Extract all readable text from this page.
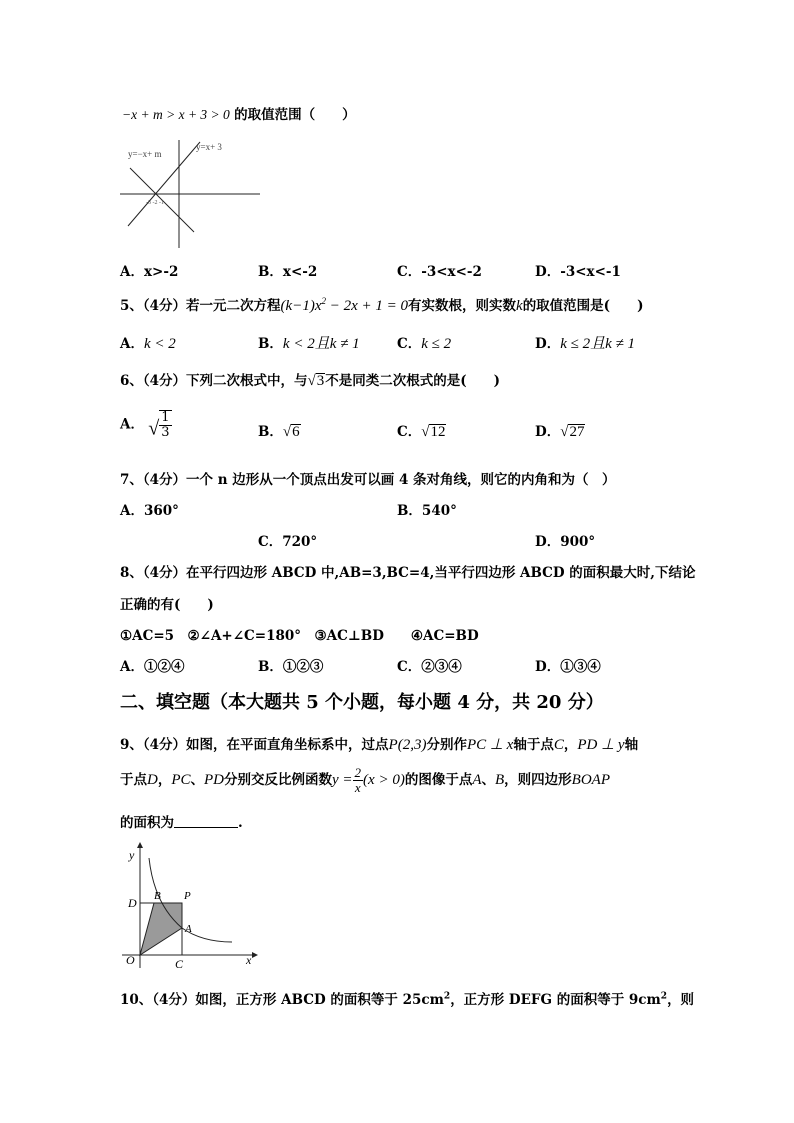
−x + m > x + 3 > 0 的取值范围（　　）
y=−x+ m
y=x+ 3
-3 -2 -1
A．x>-2	B．x<-2	C．-3<x<-2	D．-3<x<-1
5、（4分）若一元二次方程$(k-1)x^2 - 2x + 1 = 0$有实数根，则实数k的取值范围是(　　)
A．k < 2	B．k < 2且k ≠ 1	C．k ≤ 2	D．k ≤ 2且k ≠ 1
6、（4分）下列二次根式中，与√3不是同类二次根式的是(　　)
A． √ $\frac{1}{3}$	B．√6	C．√12	D．√27
7、（4分）一个 n 边形从一个顶点出发可以画 4 条对角线，则它的内角和为（　）
A．360°	B．540°
C．720°	D．900°
8、（4分）在平行四边形 ABCD 中,AB=3,BC=4,当平行四边形 ABCD 的面积最大时,下结论
正确的有(　　)
①AC=5　②∠A+∠C=180°　③AC⊥BD　　④AC=BD
A．①②④	B．①②③	C．②③④	D．①③④
二、填空题（本大题共 5 个小题，每小题 4 分，共 20 分）
9、（4分）如图，在平面直角坐标系中，过点P(2,3)分别作PC ⊥ x轴于点C，PD ⊥ y轴
于点D，PC、PD分别交反比例函数$y = \frac{2}{x} (x > 0)$的图像于点A、B，则四边形BOAP
的面积为	.
y
x
O
D B P
A
C
10、（4分）如图，正方形 ABCD 的面积等于 $25cm^2$，正方形 DEFG 的面积等于 $9cm^2$，则
